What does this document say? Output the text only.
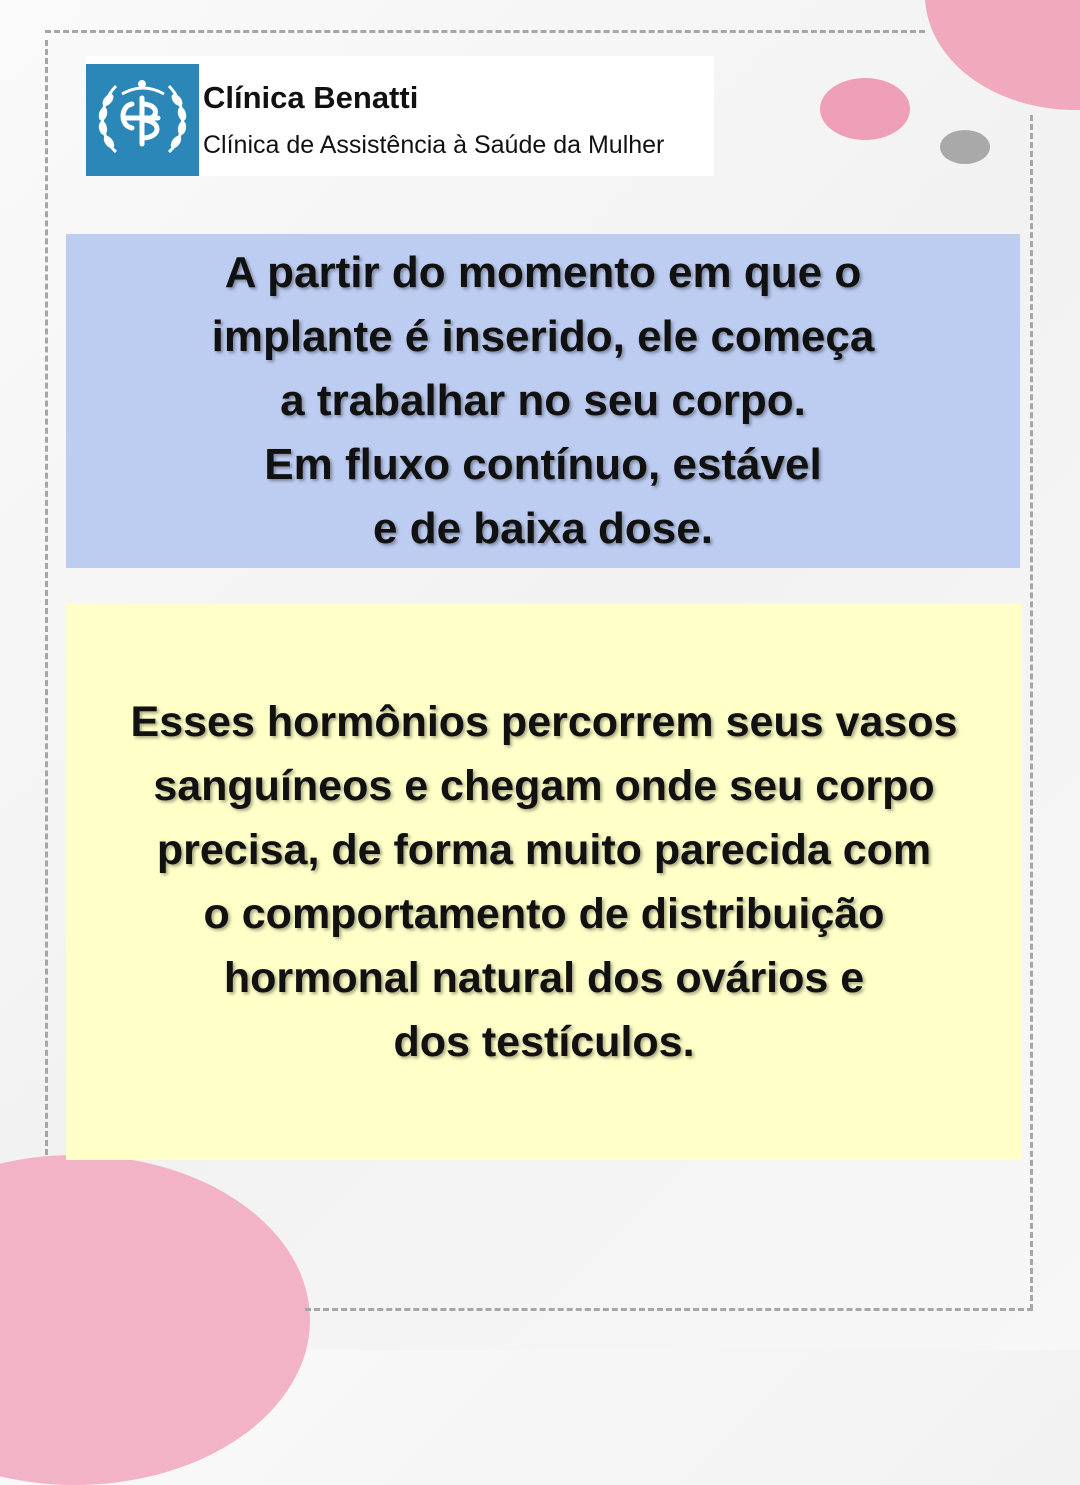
Clínica Benatti
Clínica de Assistência à Saúde da Mulher

A partir do momento em que o
implante é inserido, ele começa
a trabalhar no seu corpo.
Em fluxo contínuo, estável
e de baixa dose.

Esses hormônios percorrem seus vasos
sanguíneos e chegam onde seu corpo
precisa, de forma muito parecida com
o comportamento de distribuição
hormonal natural dos ovários e
dos testículos.
